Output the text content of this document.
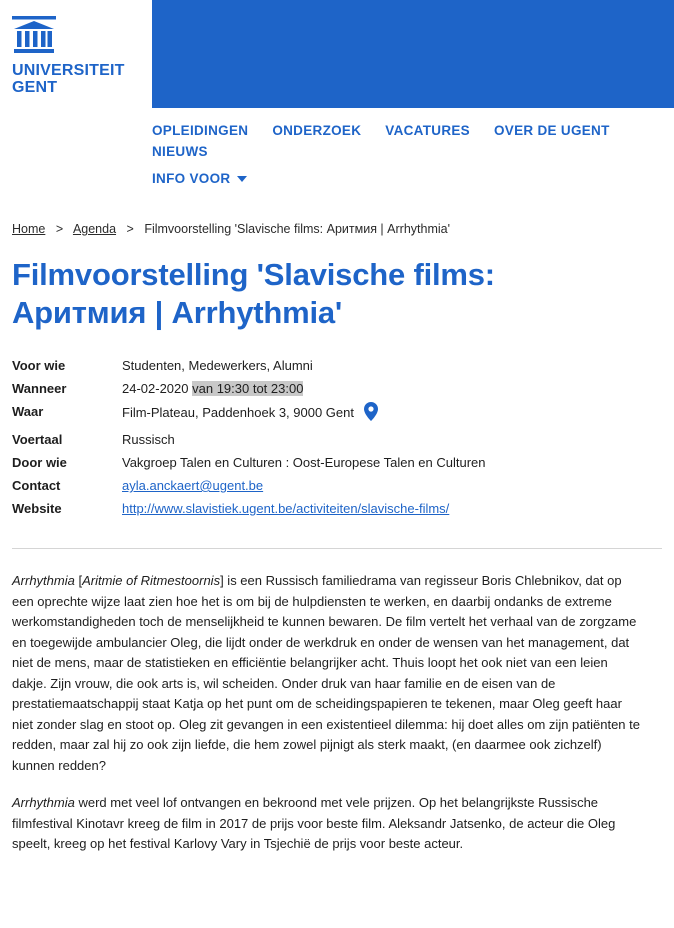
UNIVERSITEIT
GENT
OPLEIDINGEN ONDERZOEK VACATURES OVER DE UGENTNIEUWS
INFO VOOR
Home > Agenda > Filmvoorstelling 'Slavische films: Аритмия | Arrhythmia'
Filmvoorstelling 'Slavische films: Аритмия | Arrhythmia'
Voor wie	Studenten, Medewerkers, Alumni
Wanneer	24-02-2020 van 19:30 tot 23:00
Waar	Film-Plateau, Paddenhoek 3, 9000 Gent
Voertaal	Russisch
Door wie	Vakgroep Talen en Culturen : Oost-Europese Talen en Culturen
Contact	ayla.anckaert@ugent.be
Website	http://www.slavistiek.ugent.be/activiteiten/slavische-films/

Arrhythmia [Aritmie of Ritmestoornis] is een Russisch familiedrama van regisseur Boris Chlebnikov, dat op een oprechte wijze laat zien hoe het is om bij de hulpdiensten te werken, en daarbij ondanks de extreme werkomstandigheden toch de menselijkheid te kunnen bewaren. De film vertelt het verhaal van de zorgzame en toegewijde ambulancier Oleg, die lijdt onder de werkdruk en onder de wensen van het management, dat niet de mens, maar de statistieken en efficiëntie belangrijker acht. Thuis loopt het ook niet van een leien dakje. Zijn vrouw, die ook arts is, wil scheiden. Onder druk van haar familie en de eisen van de prestatiemaatschappij staat Katja op het punt om de scheidingspapieren te tekenen, maar Oleg geeft haar niet zonder slag en stoot op. Oleg zit gevangen in een existentieel dilemma: hij doet alles om zijn patiënten te redden, maar zal hij zo ook zijn liefde, die hem zowel pijnigt als sterk maakt, (en daarmee ook zichzelf) kunnen redden?

Arrhythmia werd met veel lof ontvangen en bekroond met vele prijzen. Op het belangrijkste Russische filmfestival Kinotavr kreeg de film in 2017 de prijs voor beste film. Aleksandr Jatsenko, de acteur die Oleg speelt, kreeg op het festival Karlovy Vary in Tsjechië de prijs voor beste acteur.
